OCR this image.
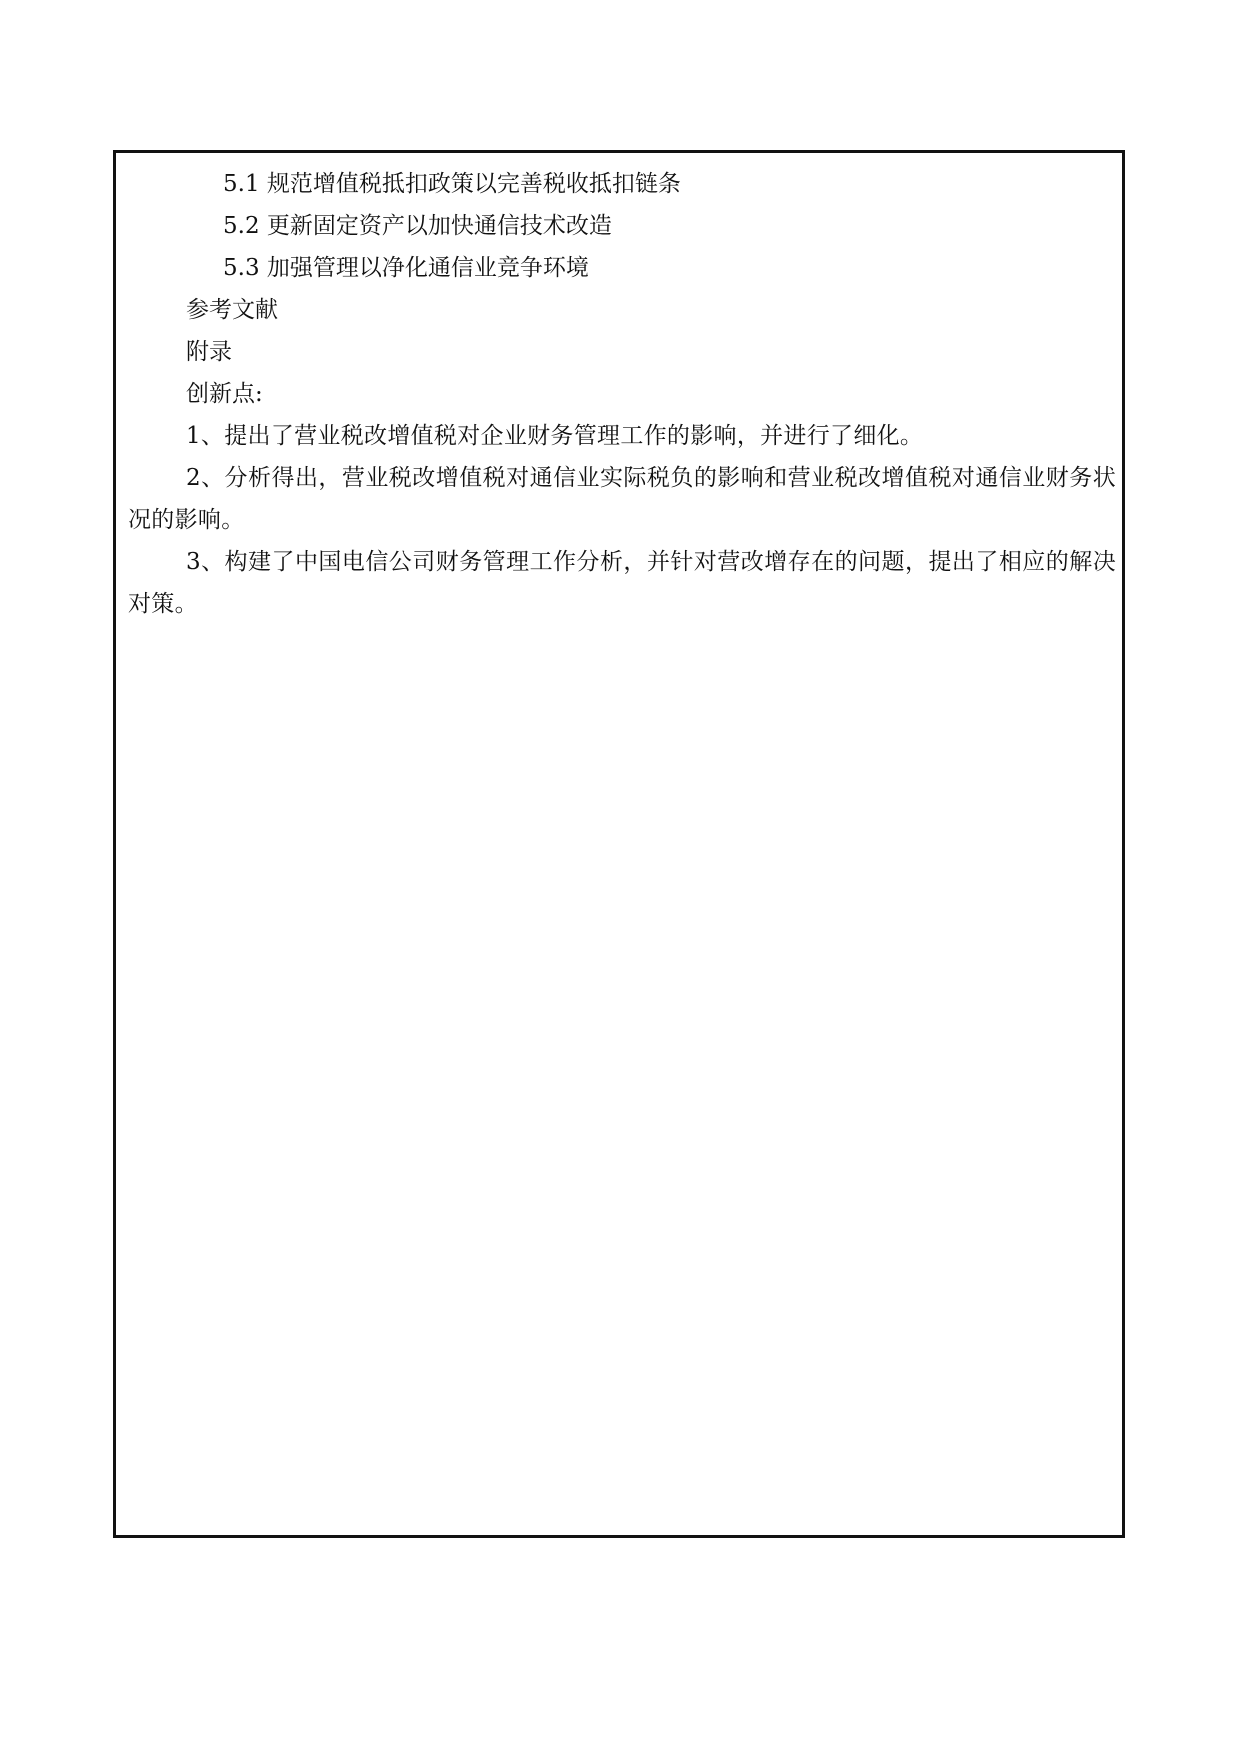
5.1 规范增值税抵扣政策以完善税收抵扣链条

5.2 更新固定资产以加快通信技术改造

5.3 加强管理以净化通信业竞争环境

参考文献

附录

创新点:

1、提出了营业税改增值税对企业财务管理工作的影响，并进行了细化。

2、分析得出，营业税改增值税对通信业实际税负的影响和营业税改增值税对通信业财务状况的影响。

3、构建了中国电信公司财务管理工作分析，并针对营改增存在的问题，提出了相应的解决对策。
